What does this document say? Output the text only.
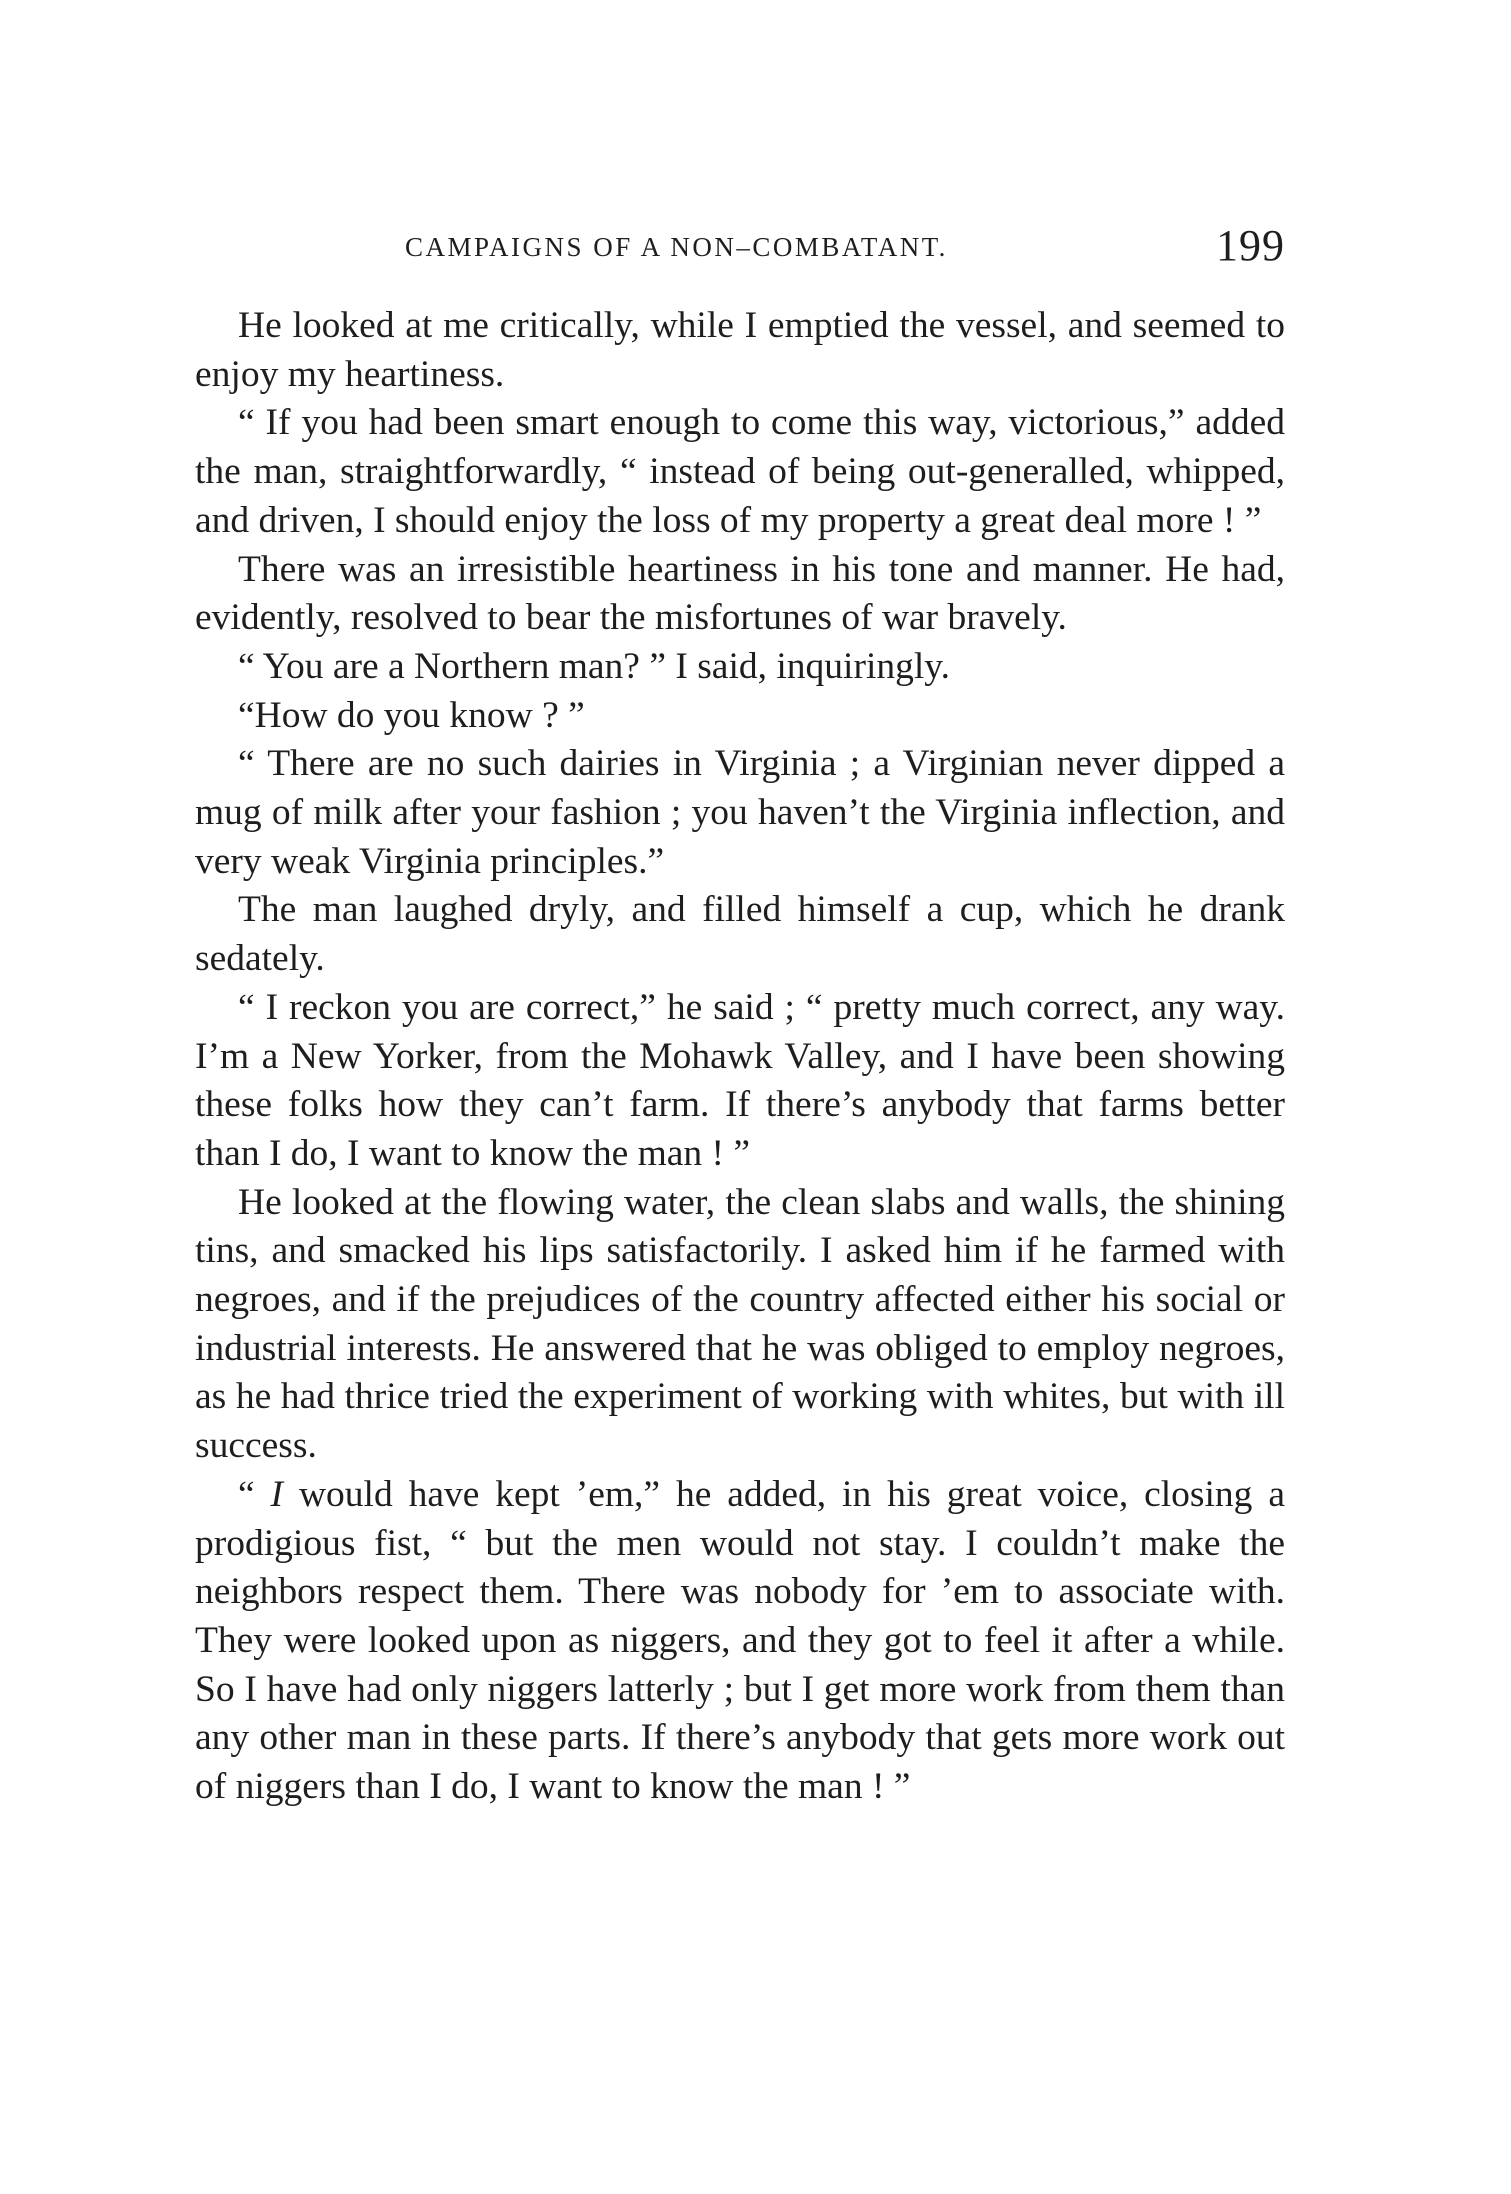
CAMPAIGNS OF A NON–COMBATANT.	199

He looked at me critically, while I emptied the vessel, and seemed to enjoy my heartiness.

“ If you had been smart enough to come this way, victorious,” added the man, straightforwardly, “ instead of being out-generalled, whipped, and driven, I should enjoy the loss of my property a great deal more ! ”

There was an irresistible heartiness in his tone and manner. He had, evidently, resolved to bear the misfortunes of war bravely.

“ You are a Northern man? ” I said, inquiringly.

“How do you know ? ”

“ There are no such dairies in Virginia ; a Virginian never dipped a mug of milk after your fashion ; you haven’t the Virginia inflection, and very weak Virginia principles.”

The man laughed dryly, and filled himself a cup, which he drank sedately.

“ I reckon you are correct,” he said ; “ pretty much correct, any way. I’m a New Yorker, from the Mohawk Valley, and I have been showing these folks how they can’t farm. If there’s anybody that farms better than I do, I want to know the man ! ”

He looked at the flowing water, the clean slabs and walls, the shining tins, and smacked his lips satisfactorily. I asked him if he farmed with negroes, and if the prejudices of the country affected either his social or industrial interests. He answered that he was obliged to employ negroes, as he had thrice tried the experiment of working with whites, but with ill success.

“ I would have kept ’em,” he added, in his great voice, closing a prodigious fist, “ but the men would not stay. I couldn’t make the neighbors respect them. There was nobody for ’em to associate with. They were looked upon as niggers, and they got to feel it after a while. So I have had only niggers latterly ; but I get more work from them than any other man in these parts. If there’s anybody that gets more work out of niggers than I do, I want to know the man ! ”
